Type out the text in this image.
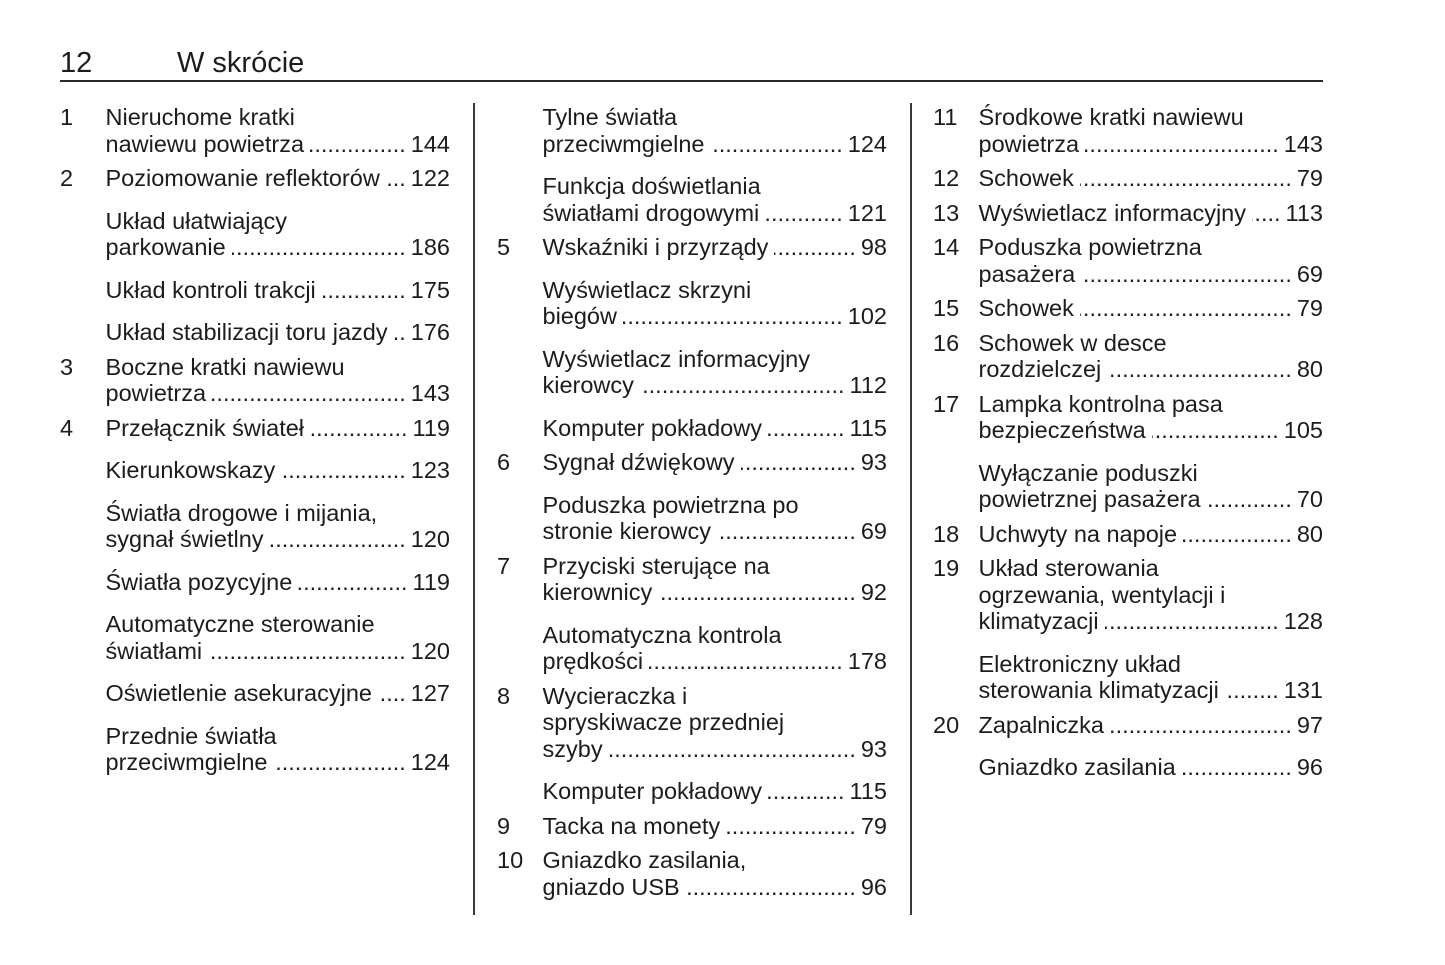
12	W skrócie
1	Nieruchome kratki
nawiewu powietrza .....	144
2	Poziomowanie reflektorów ..... 122
Układ ułatwiający
parkowanie .....	186
Układ kontroli trakcji .....	175
Układ stabilizacji toru jazdy ..... 176
3	Boczne kratki nawiewu
powietrza .....	143
4	Przełącznik świateł .....	119
Kierunkowskazy .....	123
Światła drogowe i mijania,
sygnał świetlny .....	120
Światła pozycyjne .....	119
Automatyczne sterowanie
światłami .....	120
Oświetlenie asekuracyjne ..... 127
Przednie światła
przeciwmgielne .....	124
Tylne światła
przeciwmgielne .....	124
Funkcja doświetlania
światłami drogowymi .....	121
5	Wskaźniki i przyrządy .....	98
Wyświetlacz skrzyni
biegów .....	102
Wyświetlacz informacyjny
kierowcy .....	112
Komputer pokładowy .....	115
6	Sygnał dźwiękowy .....	93
Poduszka powietrzna po
stronie kierowcy .....	69
7	Przyciski sterujące na
kierownicy .....	92
Automatyczna kontrola
prędkości .....	178
8	Wycieraczka i
spryskiwacze przedniej
szyby .....	93
Komputer pokładowy .....	115
9	Tacka na monety .....	79
10 Gniazdko zasilania,
gniazdo USB .....	96
11 Środkowe kratki nawiewu
powietrza .....	143
12 Schowek .....	79
13 Wyświetlacz informacyjny ..... 113
14 Poduszka powietrzna
pasażera .....	69
15 Schowek .....	79
16 Schowek w desce
rozdzielczej .....	80
17 Lampka kontrolna pasa
bezpieczeństwa .....	105
Wyłączanie poduszki
powietrznej pasażera .....	70
18 Uchwyty na napoje .....	80
19 Układ sterowania
ogrzewania, wentylacji i
klimatyzacji .....	128
Elektroniczny układ
sterowania klimatyzacji .....	131
20 Zapalniczka .....	97
Gniazdko zasilania .....	96
